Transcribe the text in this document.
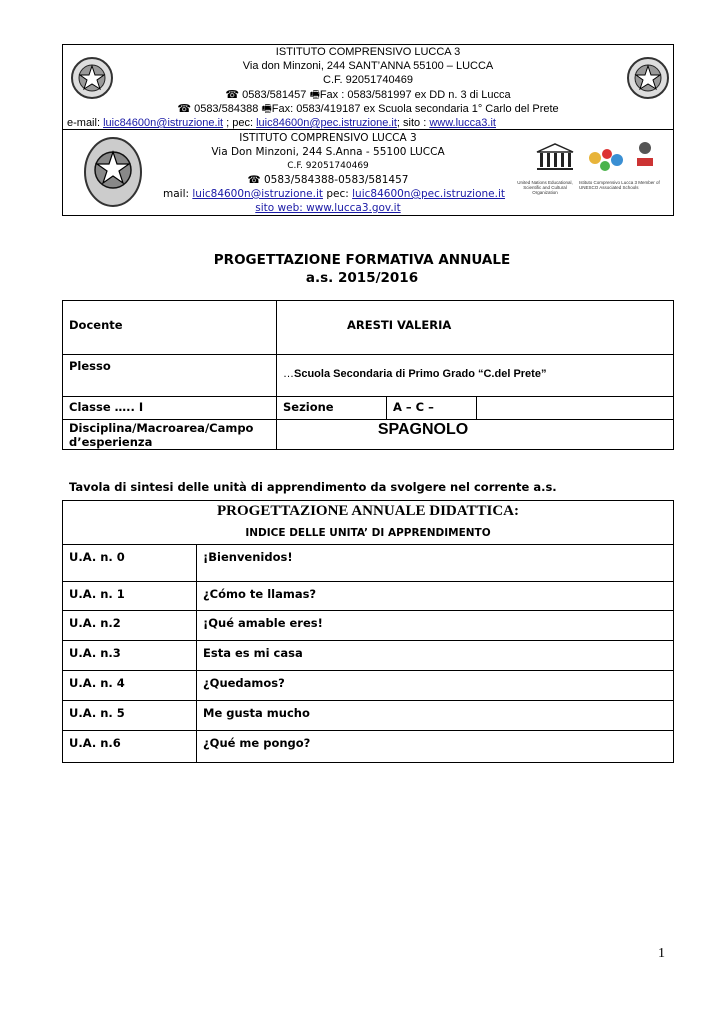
ISTITUTO COMPRENSIVO LUCCA 3
Via don Minzoni, 244 SANT’ANNA 55100 – LUCCA
C.F. 92051740469
☎ 0583/581457 🖷Fax : 0583/581997 ex DD n. 3 di Lucca
☎ 0583/584388 🖷Fax: 0583/419187 ex Scuola secondaria 1° Carlo del Prete
e-mail: luic84600n@istruzione.it ; pec: luic84600n@pec.istruzione.it; sito : www.lucca3.it
ISTITUTO COMPRENSIVO LUCCA 3
Via Don Minzoni, 244 S.Anna - 55100 LUCCA
C.F. 92051740469
☎ 0583/584388-0583/581457
mail: luic84600n@istruzione.it pec: luic84600n@pec.istruzione.it
sito web: www.lucca3.gov.it
United Nations Educational, Scientific and Cultural Organization
Istituto Comprensivo Lucca 3 Member of UNESCO Associated Schools
PROGETTAZIONE FORMATIVA ANNUALE
a.s. 2015/2016
Docente	ARESTI VALERIA		
Plesso	…Scuola Secondaria di Primo Grado “C.del Prete”		
Classe ….. I	Sezione	A – C –	
Disciplina/Macroarea/Campo d’esperienza	SPAGNOLO		
Tavola di sintesi delle unità di apprendimento da svolgere nel corrente a.s.
PROGETTAZIONE ANNUALE DIDATTICA:	
INDICE DELLE UNITA’ DI APPRENDIMENTO	
U.A. n. 0	¡Bienvenidos!
U.A. n. 1	¿Cómo te llamas?
U.A. n.2	¡Qué amable eres!
U.A. n.3	Esta es mi casa
U.A. n. 4	¿Quedamos?
U.A. n. 5	Me gusta mucho
U.A. n.6	¿Qué me pongo?
1
